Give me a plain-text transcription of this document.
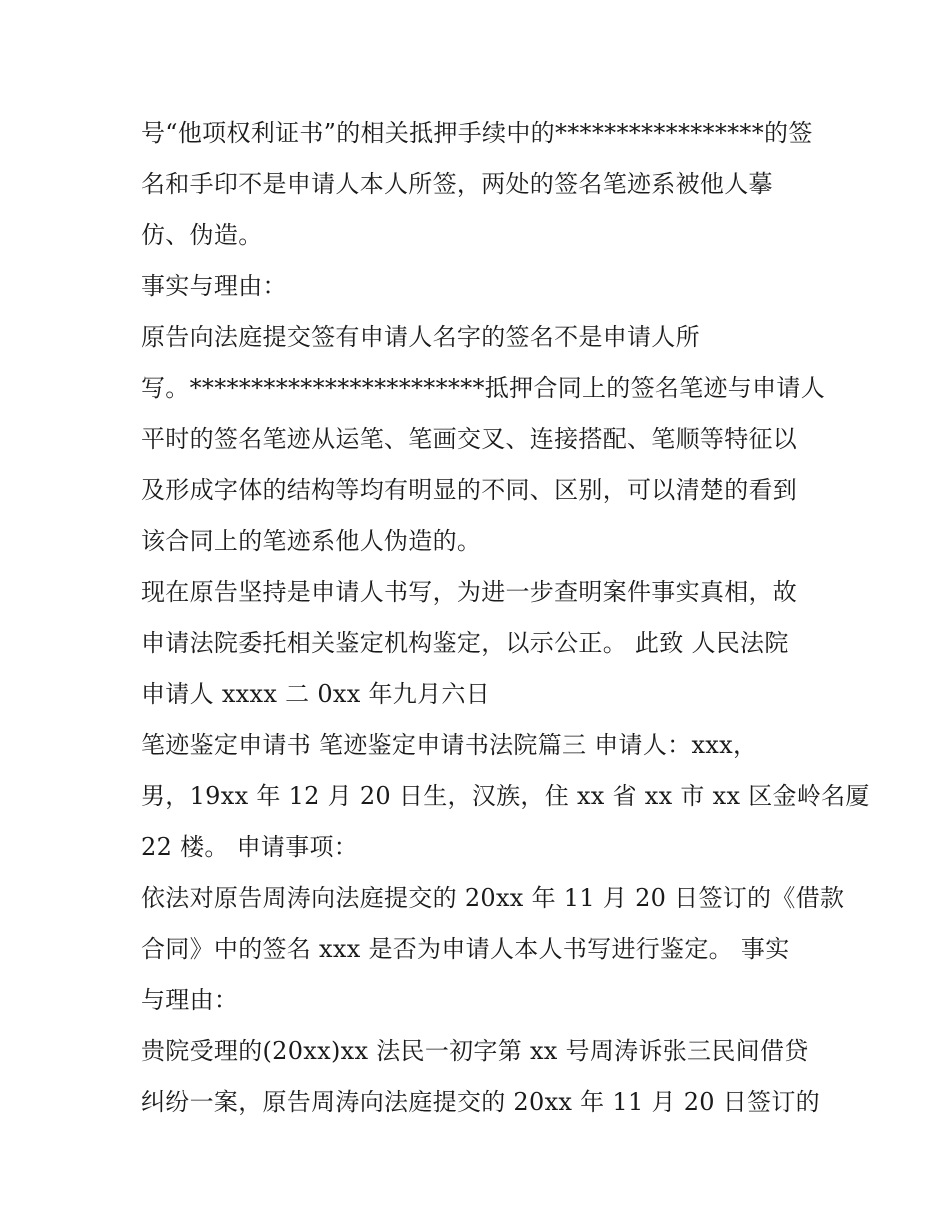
号“他项权利证书”的相关抵押手续中的*****************的签
名和手印不是申请人本人所签，两处的签名笔迹系被他人摹
仿、伪造。
事实与理由：
原告向法庭提交签有申请人名字的签名不是申请人所
写。************************抵押合同上的签名笔迹与申请人
平时的签名笔迹从运笔、笔画交叉、连接搭配、笔顺等特征以
及形成字体的结构等均有明显的不同、区别，可以清楚的看到
该合同上的笔迹系他人伪造的。
现在原告坚持是申请人书写，为进一步查明案件事实真相，故
申请法院委托相关鉴定机构鉴定，以示公正。 此致 人民法院
申请人 xxxx 二 0xx 年九月六日
笔迹鉴定申请书 笔迹鉴定申请书法院篇三 申请人：xxx，
男，19xx 年 12 月 20 日生，汉族，住 xx 省 xx 市 xx 区金岭名厦
22 楼。 申请事项：
依法对原告周涛向法庭提交的 20xx 年 11 月 20 日签订的《借款
合同》中的签名 xxx 是否为申请人本人书写进行鉴定。 事实
与理由：
贵院受理的(20xx)xx 法民一初字第 xx 号周涛诉张三民间借贷
纠纷一案，原告周涛向法庭提交的 20xx 年 11 月 20 日签订的
